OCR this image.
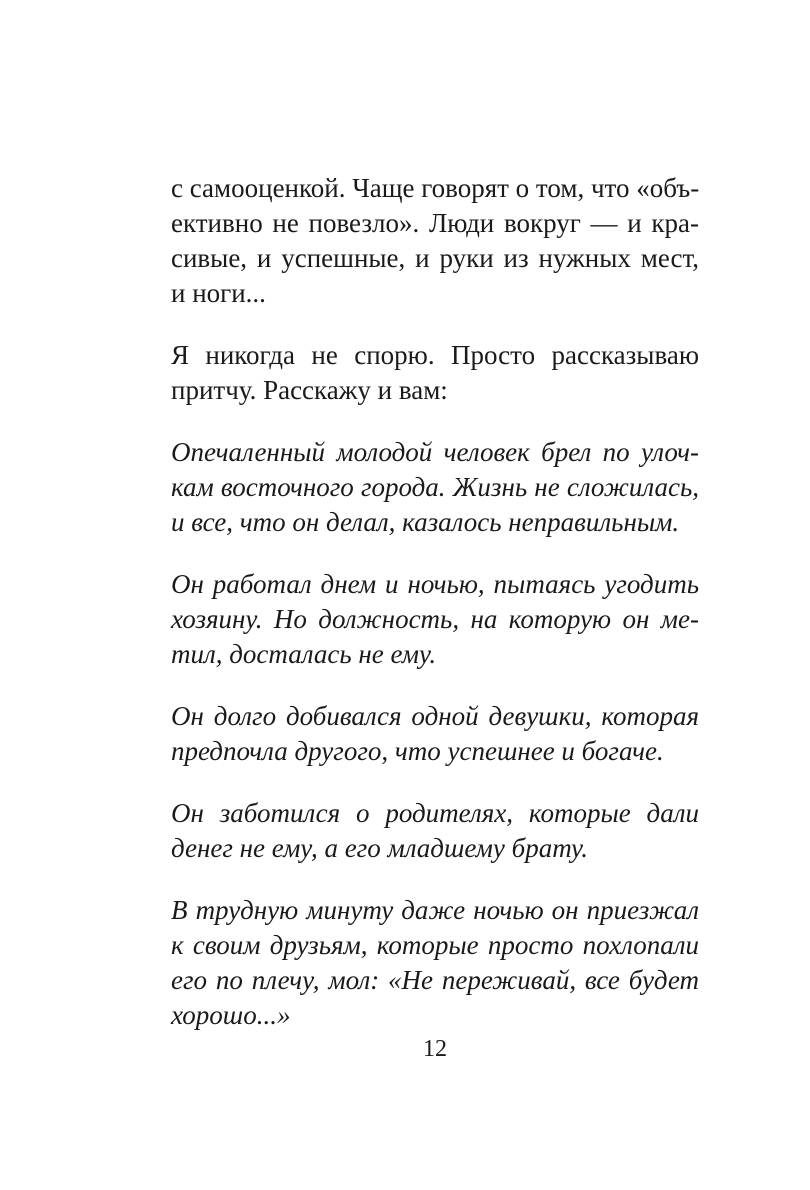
с самооценкой. Чаще говорят о том, что «объ-
ективно не повезло». Люди вокруг — и кра-
сивые, и успешные, и руки из нужных мест,
и ноги...

Я никогда не спорю. Просто рассказываю
притчу. Расскажу и вам:

Опечаленный молодой человек брел по улоч-
кам восточного города. Жизнь не сложилась,
и все, что он делал, казалось неправильным.

Он работал днем и ночью, пытаясь угодить
хозяину. Но должность, на которую он ме-
тил, досталась не ему.

Он долго добивался одной девушки, которая
предпочла другого, что успешнее и богаче.

Он заботился о родителях, которые дали
денег не ему, а его младшему брату.

В трудную минуту даже ночью он приезжал
к своим друзьям, которые просто похлопали
его по плечу, мол: «Не переживай, все будет
хорошо...»

12
